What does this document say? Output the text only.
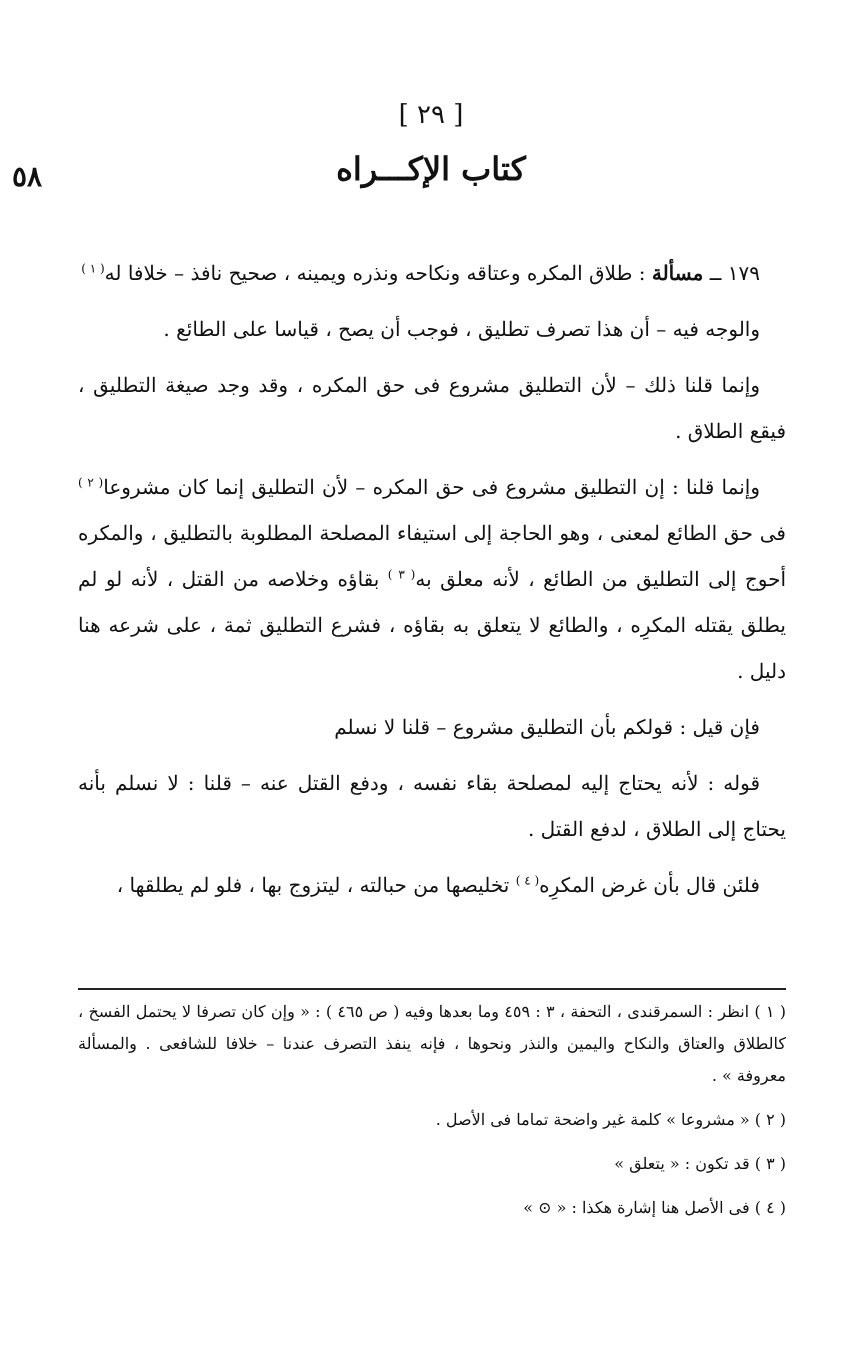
[ ٢٩ ]
كتاب الإكـــراه
٥٨

١٧٩ ــ مسألة : طلاق المكره وعتاقه ونكاحه ونذره ويمينه ، صحيح نافذ – خلافا له$^{( ١ )}$

والوجه فيه – أن هذا تصرف تطليق ، فوجب أن يصح ، قياسا على الطائع .

وإنما قلنا ذلك – لأن التطليق مشروع فى حق المكره ، وقد وجد صيغة التطليق ، فيقع الطلاق .

وإنما قلنا : إن التطليق مشروع فى حق المكره – لأن التطليق إنما كان مشروعا$^{( ٢ )}$ فى حق الطائع لمعنى ، وهو الحاجة إلى استيفاء المصلحة المطلوبة بالتطليق ، والمكره أحوج إلى التطليق من الطائع ، لأنه معلق به$^{( ٣ )}$ بقاؤه وخلاصه من القتل ، لأنه لو لم يطلق يقتله المكرِه ، والطائع لا يتعلق به بقاؤه ، فشرع التطليق ثمة ، على شرعه هنا دليل .

فإن قيل : قولكم بأن التطليق مشروع – قلنا لا نسلم

قوله : لأنه يحتاج إليه لمصلحة بقاء نفسه ، ودفع القتل عنه – قلنا : لا نسلم بأنه يحتاج إلى الطلاق ، لدفع القتل .

فلئن قال بأن غرض المكرِه$^{( ٤ )}$ تخليصها من حبالته ، ليتزوج بها ، فلو لم يطلقها ،

( ١ ) انظر : السمرقندى ، التحفة ، ٣ : ٤٥٩ وما بعدها وفيه ( ص ٤٦٥ ) : « وإن كان تصرفا لا يحتمل الفسخ ، كالطلاق والعتاق والنكاح واليمين والنذر ونحوها ، فإنه ينفذ التصرف عندنا – خلافا للشافعى . والمسألة معروفة » .

( ٢ ) « مشروعا » كلمة غير واضحة تماما فى الأصل .

( ٣ ) قد تكون : « يتعلق »

( ٤ ) فى الأصل هنا إشارة هكذا : « ⊙ »
